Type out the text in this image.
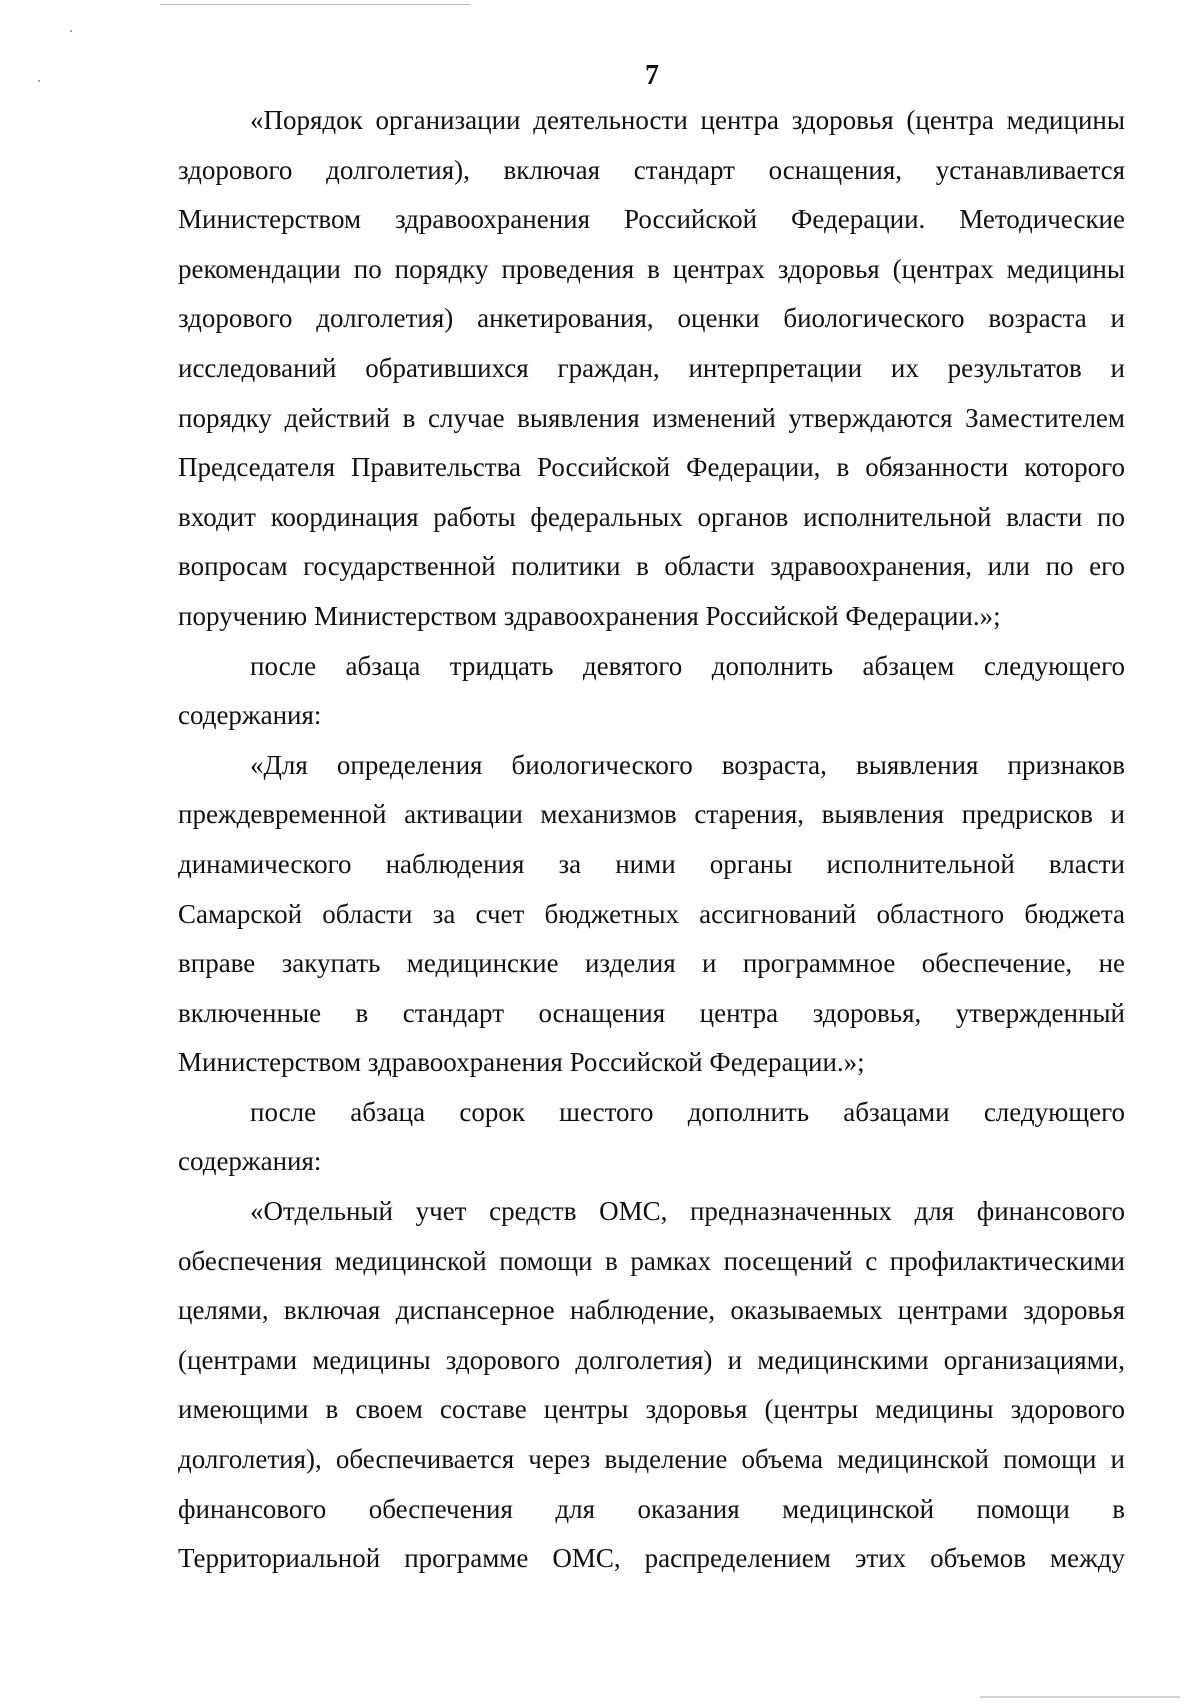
7
«Порядок организации деятельности центра здоровья (центра медицины
здорового долголетия), включая стандарт оснащения, устанавливается
Министерством здравоохранения Российской Федерации. Методические
рекомендации по порядку проведения в центрах здоровья (центрах медицины
здорового долголетия) анкетирования, оценки биологического возраста и
исследований обратившихся граждан, интерпретации их результатов и
порядку действий в случае выявления изменений утверждаются Заместителем
Председателя Правительства Российской Федерации, в обязанности которого
входит координация работы федеральных органов исполнительной власти по
вопросам государственной политики в области здравоохранения, или по его
поручению Министерством здравоохранения Российской Федерации.»;
после абзаца тридцать девятого дополнить абзацем следующего
содержания:
«Для определения биологического возраста, выявления признаков
преждевременной активации механизмов старения, выявления предрисков и
динамического наблюдения за ними органы исполнительной власти
Самарской области за счет бюджетных ассигнований областного бюджета
вправе закупать медицинские изделия и программное обеспечение, не
включенные в стандарт оснащения центра здоровья, утвержденный
Министерством здравоохранения Российской Федерации.»;
после абзаца сорок шестого дополнить абзацами следующего
содержания:
«Отдельный учет средств ОМС, предназначенных для финансового
обеспечения медицинской помощи в рамках посещений с профилактическими
целями, включая диспансерное наблюдение, оказываемых центрами здоровья
(центрами медицины здорового долголетия) и медицинскими организациями,
имеющими в своем составе центры здоровья (центры медицины здорового
долголетия), обеспечивается через выделение объема медицинской помощи и
финансового обеспечения для оказания медицинской помощи в
Территориальной программе ОМС, распределением этих объемов между
